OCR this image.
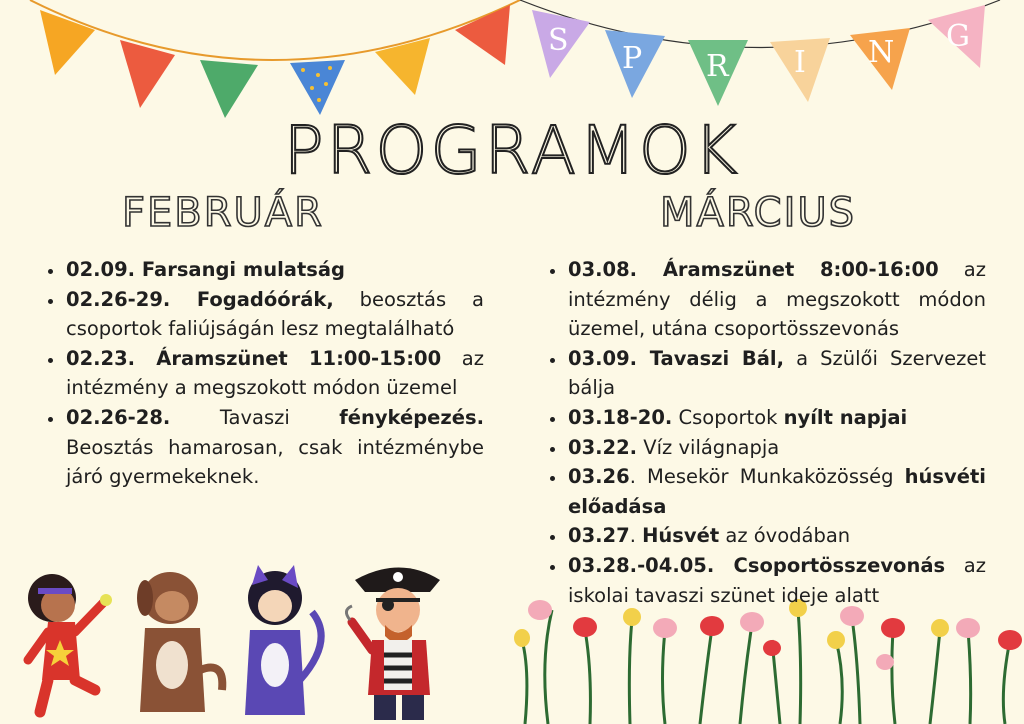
S
P R I N G
PROGRAMOK
FEBRUÁR	MÁRCIUS
• 02.09. Farsangi mulatság
• 02.26-29. Fogadóórák, beosztás a csoportok faliújságán lesz megtalálható
• 02.23. Áramszünet 11:00-15:00 az intézmény a megszokott módon üzemel
• 02.26-28. Tavaszi fényképezés. Beosztás hamarosan, csak intézménybe járó gyermekeknek.
• 03.08. Áramszünet 8:00-16:00 az intézmény délig a megszokott módon üzemel, utána csoportösszevonás
• 03.09. Tavaszi Bál, a Szülői Szervezet bálja
• 03.18-20. Csoportok nyílt napjai
• 03.22. Víz világnapja
• 03.26. Mesekör Munkaközösség húsvéti előadása
• 03.27. Húsvét az óvodában
• 03.28.-04.05. Csoportösszevonás az iskolai tavaszi szünet ideje alatt
